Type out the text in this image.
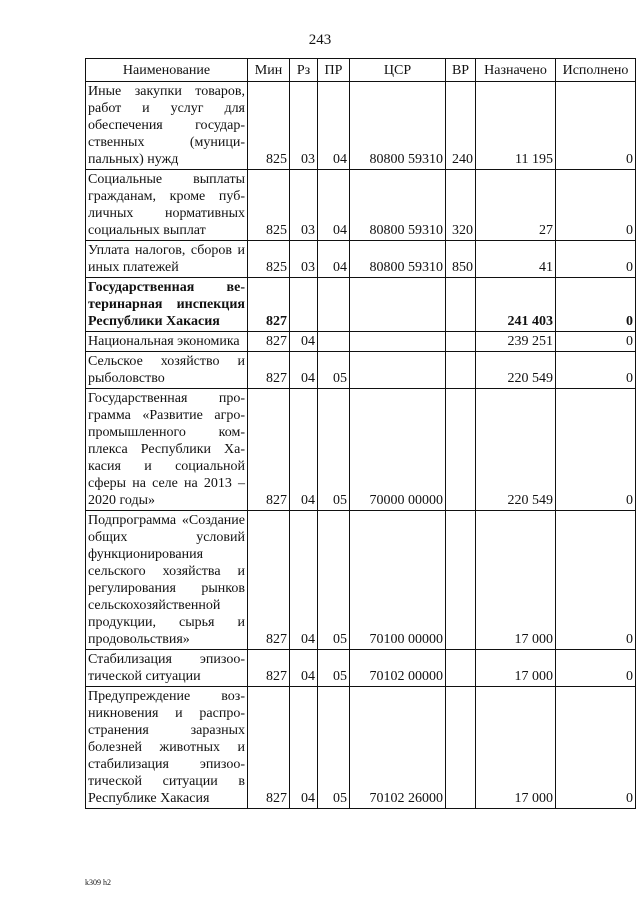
243
Наименование	Мин	Рз	ПР	ЦСР	ВР	Назначено	Исполнено
Иные закупки товаров, работ и услуг для обеспечения государственных (муниципальных) нужд	825	03	04	80800 59310	240	11 195	0
Социальные выплаты гражданам, кроме публичных нормативных социальных выплат	825	03	04	80800 59310	320	27	0
Уплата налогов, сборов и иных платежей	825	03	04	80800 59310	850	41	0
Государственная ветеринарная инспекция Республики Хакасия	827					241 403	0
Национальная экономика	827	04				239 251	0
Сельское хозяйство и рыболовство	827	04	05			220 549	0
Государственная программа «Развитие агропромышленного комплекса Республики Хакасия и социальной сферы на селе на 2013 – 2020 годы»	827	04	05	70000 00000		220 549	0
Подпрограмма «Создание общих условий функционирования сельского хозяйства и регулирования рынков сельскохозяйственной продукции, сырья и продовольствия»	827	04	05	70100 00000		17 000	0
Стабилизация эпизоотической ситуации	827	04	05	70102 00000		17 000	0
Предупреждение возникновения и распространения заразных болезней животных и стабилизация эпизоотической ситуации в Республике Хакасия	827	04	05	70102 26000		17 000	0
k309 h2
